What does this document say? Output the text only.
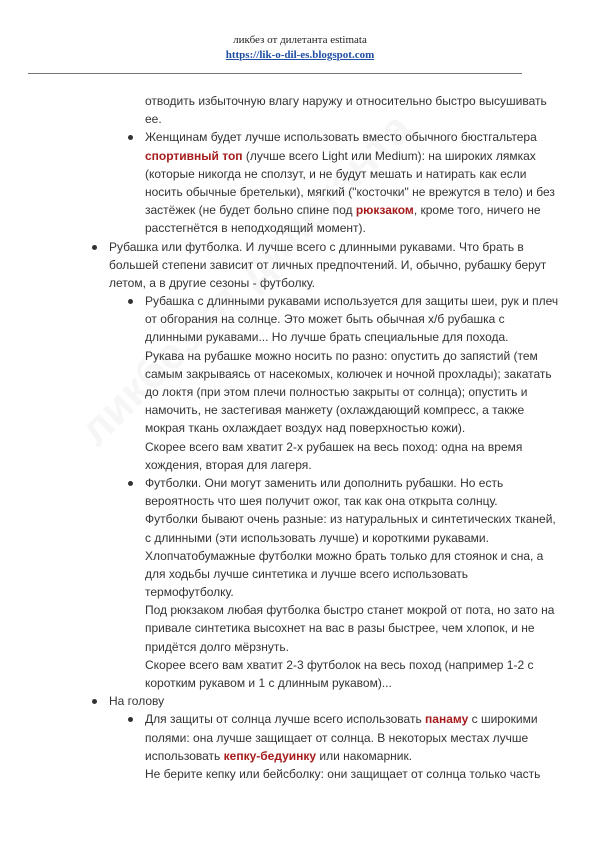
ликбез от дилетанта estimata
https://lik-o-dil-es.blogspot.com
отводить избыточную влагу наружу и относительно быстро высушивать
ее.
Женщинам будет лучше использовать вместо обычного бюстгальтера
спортивный топ (лучше всего Light или Medium): на широких лямках
(которые никогда не сползут, и не будут мешать и натирать как если
носить обычные бретельки), мягкий ("косточки" не врежутся в тело) и без
застёжек (не будет больно спине под рюкзаком, кроме того, ничего не
расстегнётся в неподходящий момент).
Рубашка или футболка. И лучше всего с длинными рукавами. Что брать в
большей степени зависит от личных предпочтений. И, обычно, рубашку берут
летом, а в другие сезоны - футболку.
Рубашка с длинными рукавами используется для защиты шеи, рук и плеч
от обгорания на солнце. Это может быть обычная х/б рубашка с
длинными рукавами... Но лучше брать специальные для похода.
Рукава на рубашке можно носить по разно: опустить до запястий (тем
самым закрываясь от насекомых, колючек и ночной прохлады); закатать
до локтя (при этом плечи полностью закрыты от солнца); опустить и
намочить, не застегивая манжету (охлаждающий компресс, а также
мокрая ткань охлаждает воздух над поверхностью кожи).
Скорее всего вам хватит 2-х рубашек на весь поход: одна на время
хождения, вторая для лагеря.
Футболки. Они могут заменить или дополнить рубашки. Но есть
вероятность что шея получит ожог, так как она открыта солнцу.
Футболки бывают очень разные: из натуральных и синтетических тканей,
с длинными (эти использовать лучше) и короткими рукавами.
Хлопчатобумажные футболки можно брать только для стоянок и сна, а
для ходьбы лучше синтетика и лучше всего использовать
термофутболку.
Под рюкзаком любая футболка быстро станет мокрой от пота, но зато на
привале синтетика высохнет на вас в разы быстрее, чем хлопок, и не
придётся долго мёрзнуть.
Скорее всего вам хватит 2-3 футболок на весь поход (например 1-2 с
коротким рукавом и 1 с длинным рукавом)...
На голову
Для защиты от солнца лучше всего использовать панаму с широкими
полями: она лучше защищает от солнца. В некоторых местах лучше
использовать кепку-бедуинку или накомарник.
Не берите кепку или бейсболку: они защищает от солнца только часть
